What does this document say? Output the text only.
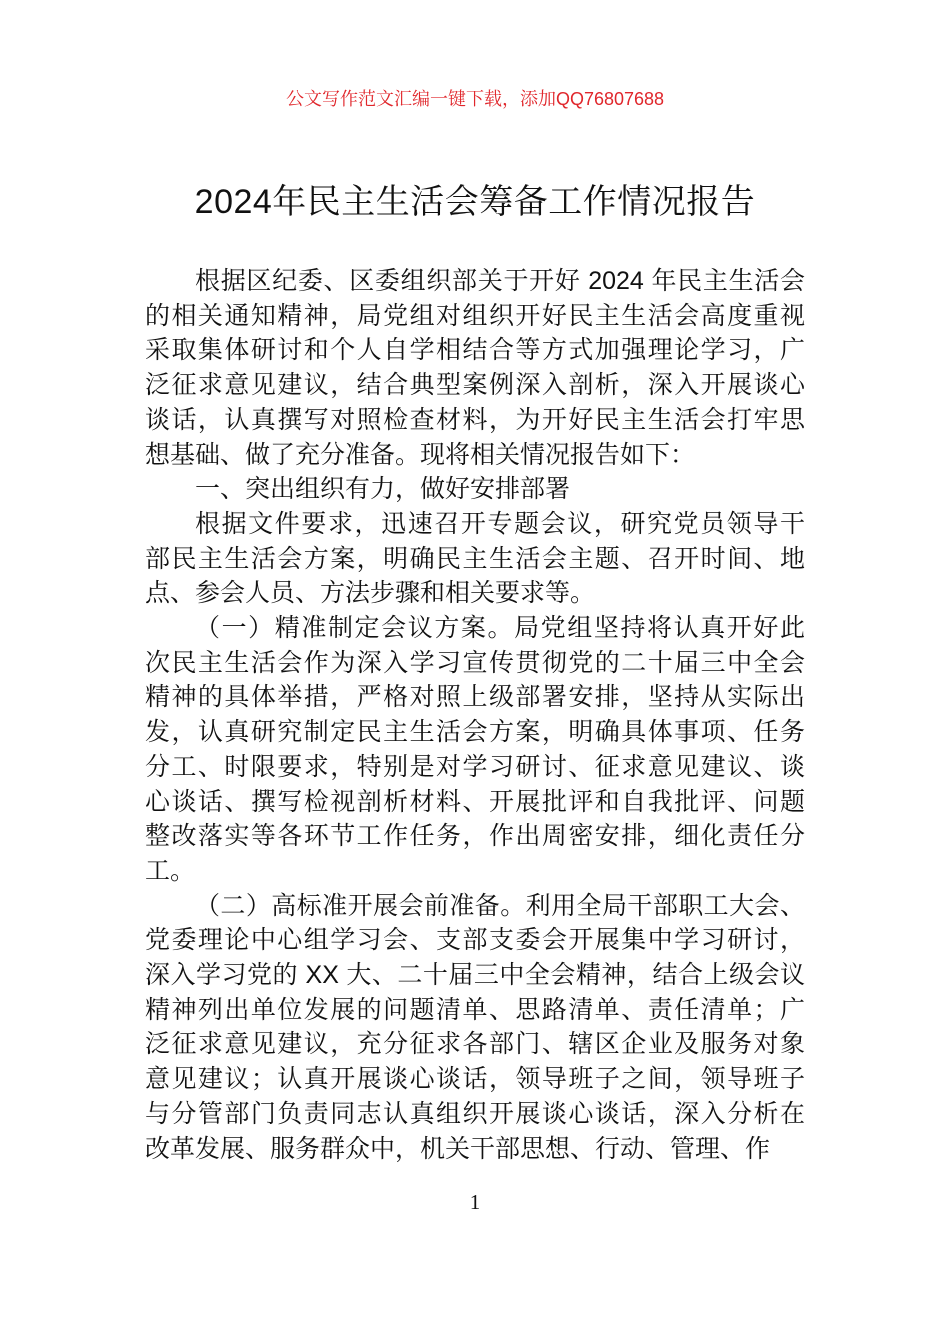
公文写作范文汇编一键下载，添加QQ76807688
2024年民主生活会筹备工作情况报告
根据区纪委、区委组织部关于开好 2024 年民主生活会
的相关通知精神，局党组对组织开好民主生活会高度重视
采取集体研讨和个人自学相结合等方式加强理论学习，广
泛征求意见建议，结合典型案例深入剖析，深入开展谈心
谈话，认真撰写对照检查材料，为开好民主生活会打牢思
想基础、做了充分准备。现将相关情况报告如下：
一、突出组织有力，做好安排部署
根据文件要求，迅速召开专题会议，研究党员领导干
部民主生活会方案，明确民主生活会主题、召开时间、地
点、参会人员、方法步骤和相关要求等。
（一）精准制定会议方案。局党组坚持将认真开好此
次民主生活会作为深入学习宣传贯彻党的二十届三中全会
精神的具体举措，严格对照上级部署安排，坚持从实际出
发，认真研究制定民主生活会方案，明确具体事项、任务
分工、时限要求，特别是对学习研讨、征求意见建议、谈
心谈话、撰写检视剖析材料、开展批评和自我批评、问题
整改落实等各环节工作任务，作出周密安排，细化责任分
工。
（二）高标准开展会前准备。利用全局干部职工大会、
党委理论中心组学习会、支部支委会开展集中学习研讨，
深入学习党的 XX 大、二十届三中全会精神，结合上级会议
精神列出单位发展的问题清单、思路清单、责任清单；广
泛征求意见建议，充分征求各部门、辖区企业及服务对象
意见建议；认真开展谈心谈话，领导班子之间，领导班子
与分管部门负责同志认真组织开展谈心谈话，深入分析在
改革发展、服务群众中，机关干部思想、行动、管理、作
1
